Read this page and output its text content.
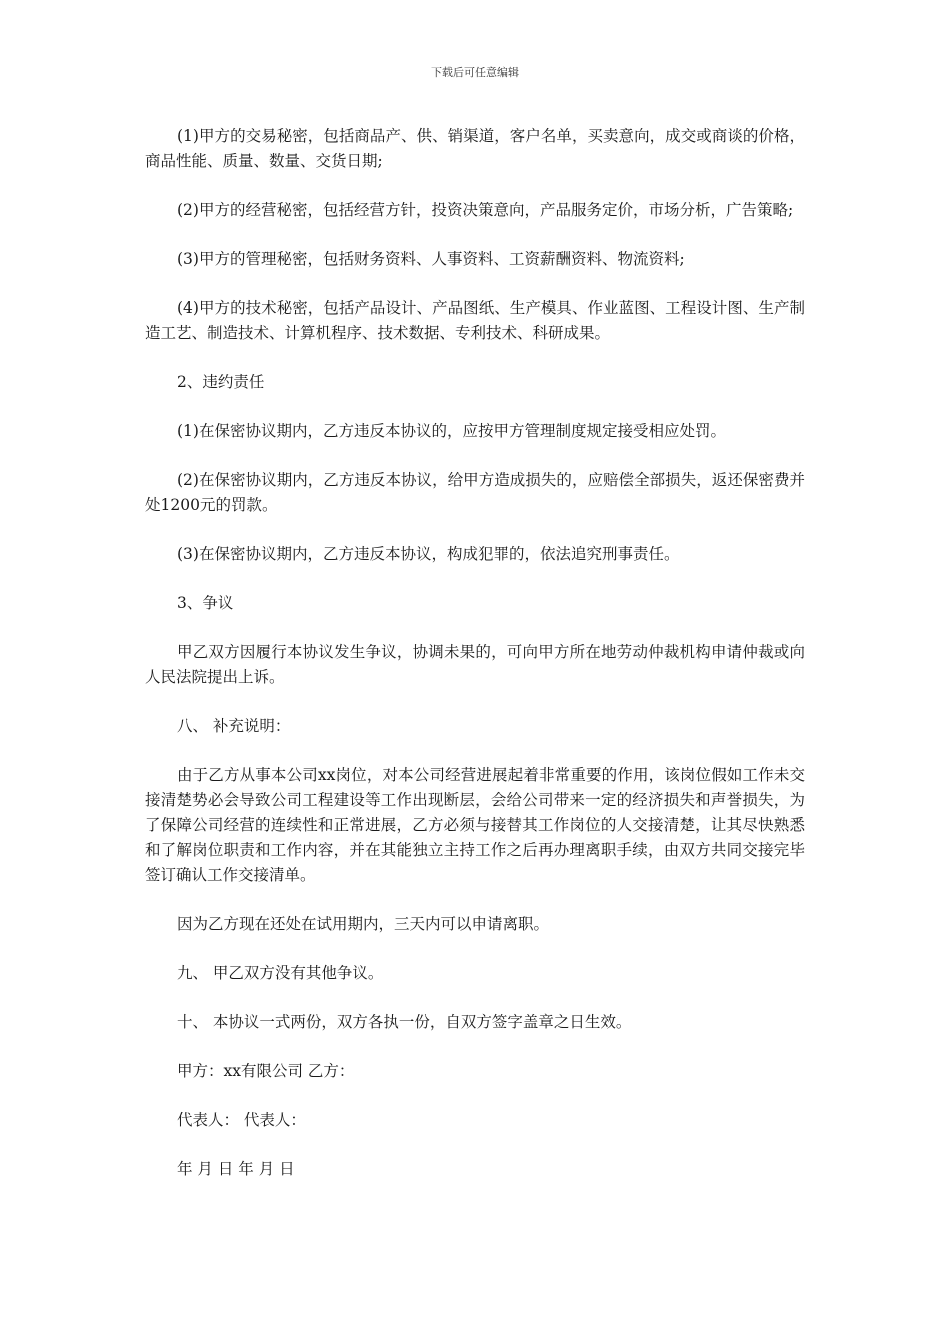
下载后可任意编辑

(1)甲方的交易秘密，包括商品产、供、销渠道，客户名单，买卖意向，成交或商谈的价格，商品性能、质量、数量、交货日期;

(2)甲方的经营秘密，包括经营方针，投资决策意向，产品服务定价，市场分析，广告策略;

(3)甲方的管理秘密，包括财务资料、人事资料、工资薪酬资料、物流资料;

(4)甲方的技术秘密，包括产品设计、产品图纸、生产模具、作业蓝图、工程设计图、生产制造工艺、制造技术、计算机程序、技术数据、专利技术、科研成果。

2、违约责任

(1)在保密协议期内，乙方违反本协议的，应按甲方管理制度规定接受相应处罚。

(2)在保密协议期内，乙方违反本协议，给甲方造成损失的，应赔偿全部损失，返还保密费并处1200元的罚款。

(3)在保密协议期内，乙方违反本协议，构成犯罪的，依法追究刑事责任。

3、争议

甲乙双方因履行本协议发生争议，协调未果的，可向甲方所在地劳动仲裁机构申请仲裁或向人民法院提出上诉。

八、 补充说明：

由于乙方从事本公司xx岗位，对本公司经营进展起着非常重要的作用，该岗位假如工作未交接清楚势必会导致公司工程建设等工作出现断层，会给公司带来一定的经济损失和声誉损失，为了保障公司经营的连续性和正常进展，乙方必须与接替其工作岗位的人交接清楚，让其尽快熟悉和了解岗位职责和工作内容，并在其能独立主持工作之后再办理离职手续，由双方共同交接完毕签订确认工作交接清单。

因为乙方现在还处在试用期内，三天内可以申请离职。

九、 甲乙双方没有其他争议。

十、 本协议一式两份，双方各执一份，自双方签字盖章之日生效。

甲方：xx有限公司 乙方：

代表人： 代表人：

年 月 日 年 月 日
